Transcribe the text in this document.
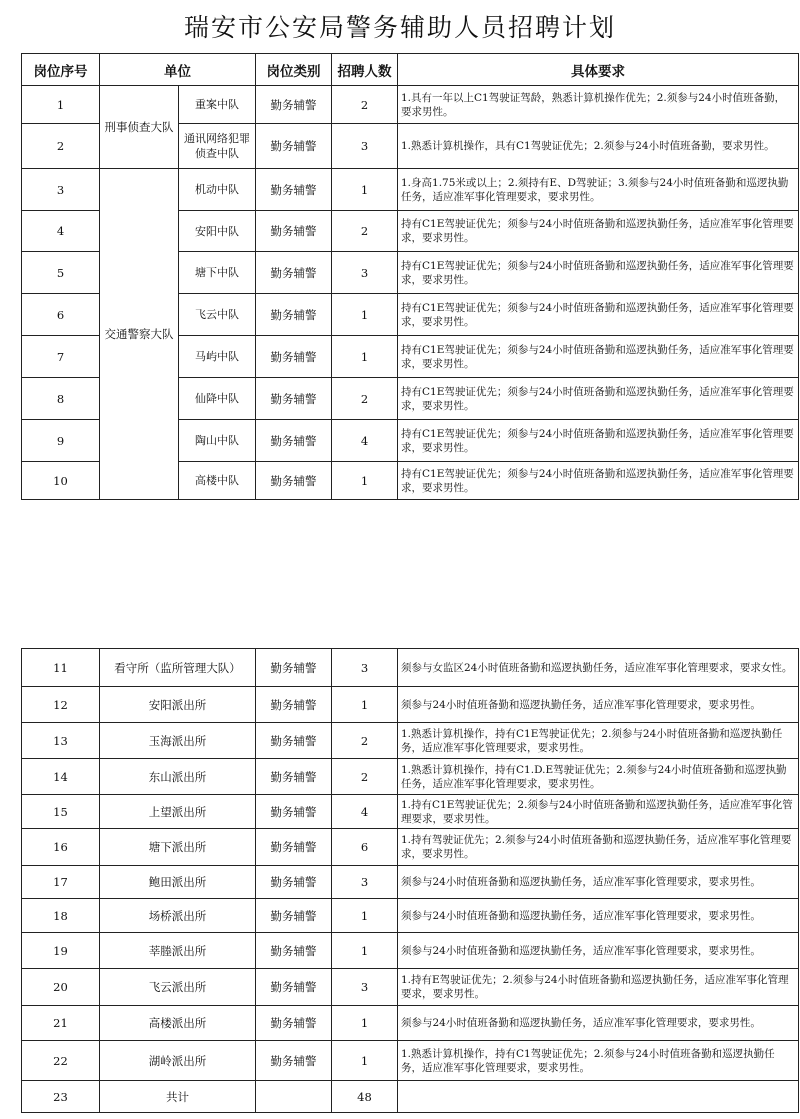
瑞安市公安局警务辅助人员招聘计划
岗位序号	单位		岗位类别	招聘人数	具体要求
1	刑事侦查大队	重案中队	勤务辅警	2	1.具有一年以上C1驾驶证驾龄，熟悉计算机操作优先；2.须参与24小时值班备勤，要求男性。
2		通讯网络犯罪侦查中队	勤务辅警	3	1.熟悉计算机操作，具有C1驾驶证优先；2.须参与24小时值班备勤，要求男性。
3	交通警察大队	机动中队	勤务辅警	1	1.身高1.75米或以上；2.须持有E、D驾驶证；3.须参与24小时值班备勤和巡逻执勤任务，适应准军事化管理要求，要求男性。
4		安阳中队	勤务辅警	2	持有C1E驾驶证优先；须参与24小时值班备勤和巡逻执勤任务，适应准军事化管理要求，要求男性。
5		塘下中队	勤务辅警	3	持有C1E驾驶证优先；须参与24小时值班备勤和巡逻执勤任务，适应准军事化管理要求，要求男性。
6		飞云中队	勤务辅警	1	持有C1E驾驶证优先；须参与24小时值班备勤和巡逻执勤任务，适应准军事化管理要求，要求男性。
7		马屿中队	勤务辅警	1	持有C1E驾驶证优先；须参与24小时值班备勤和巡逻执勤任务，适应准军事化管理要求，要求男性。
8		仙降中队	勤务辅警	2	持有C1E驾驶证优先；须参与24小时值班备勤和巡逻执勤任务，适应准军事化管理要求，要求男性。
9		陶山中队	勤务辅警	4	持有C1E驾驶证优先；须参与24小时值班备勤和巡逻执勤任务，适应准军事化管理要求，要求男性。
10		高楼中队	勤务辅警	1	持有C1E驾驶证优先；须参与24小时值班备勤和巡逻执勤任务，适应准军事化管理要求，要求男性。
11	看守所（监所管理大队）	勤务辅警	3	须参与女监区24小时值班备勤和巡逻执勤任务，适应准军事化管理要求，要求女性。
12	安阳派出所	勤务辅警	1	须参与24小时值班备勤和巡逻执勤任务，适应准军事化管理要求，要求男性。
13	玉海派出所	勤务辅警	2	1.熟悉计算机操作，持有C1E驾驶证优先；2.须参与24小时值班备勤和巡逻执勤任务，适应准军事化管理要求，要求男性。
14	东山派出所	勤务辅警	2	1.熟悉计算机操作，持有C1.D.E驾驶证优先；2.须参与24小时值班备勤和巡逻执勤任务，适应准军事化管理要求，要求男性。
15	上望派出所	勤务辅警	4	1.持有C1E驾驶证优先；2.须参与24小时值班备勤和巡逻执勤任务，适应准军事化管理要求，要求男性。
16	塘下派出所	勤务辅警	6	1.持有驾驶证优先；2.须参与24小时值班备勤和巡逻执勤任务，适应准军事化管理要求，要求男性。
17	鲍田派出所	勤务辅警	3	须参与24小时值班备勤和巡逻执勤任务，适应准军事化管理要求，要求男性。
18	场桥派出所	勤务辅警	1	须参与24小时值班备勤和巡逻执勤任务，适应准军事化管理要求，要求男性。
19	莘塍派出所	勤务辅警	1	须参与24小时值班备勤和巡逻执勤任务，适应准军事化管理要求，要求男性。
20	飞云派出所	勤务辅警	3	1.持有E驾驶证优先；2.须参与24小时值班备勤和巡逻执勤任务，适应准军事化管理要求，要求男性。
21	高楼派出所	勤务辅警	1	须参与24小时值班备勤和巡逻执勤任务，适应准军事化管理要求，要求男性。
22	湖岭派出所	勤务辅警	1	1.熟悉计算机操作，持有C1驾驶证优先；2.须参与24小时值班备勤和巡逻执勤任务，适应准军事化管理要求，要求男性。
23	共计		48	
